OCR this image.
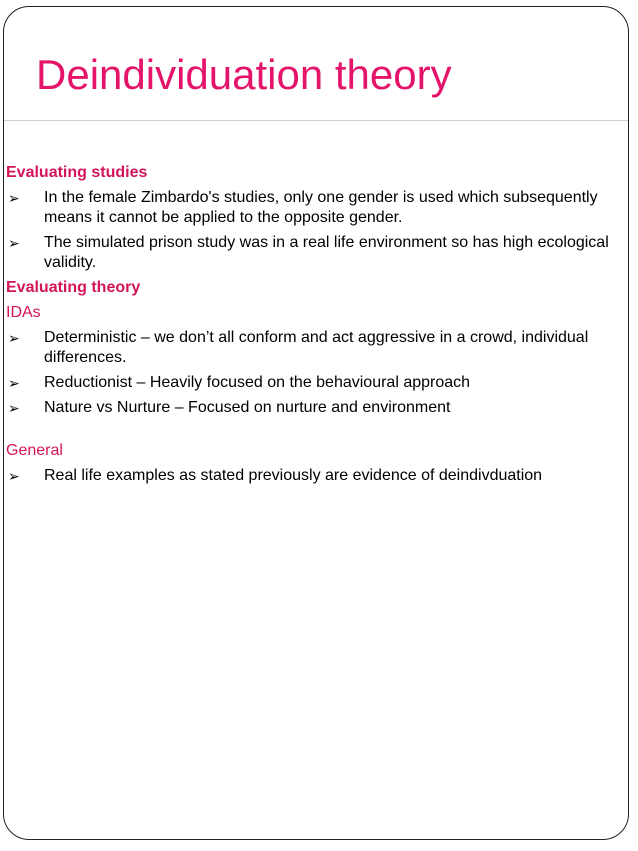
Deindividuation theory
Evaluating studies
➢ In the female Zimbardo's studies, only one gender is used which subsequently means it cannot be applied to the opposite gender.
➢ The simulated prison study was in a real life environment so has high ecological validity.
Evaluating theory
IDAs
➢ Deterministic – we don’t all conform and act aggressive in a crowd, individual differences.
➢ Reductionist – Heavily focused on the behavioural approach
➢ Nature vs Nurture – Focused on nurture and environment
General
➢ Real life examples as stated previously are evidence of deindivduation
